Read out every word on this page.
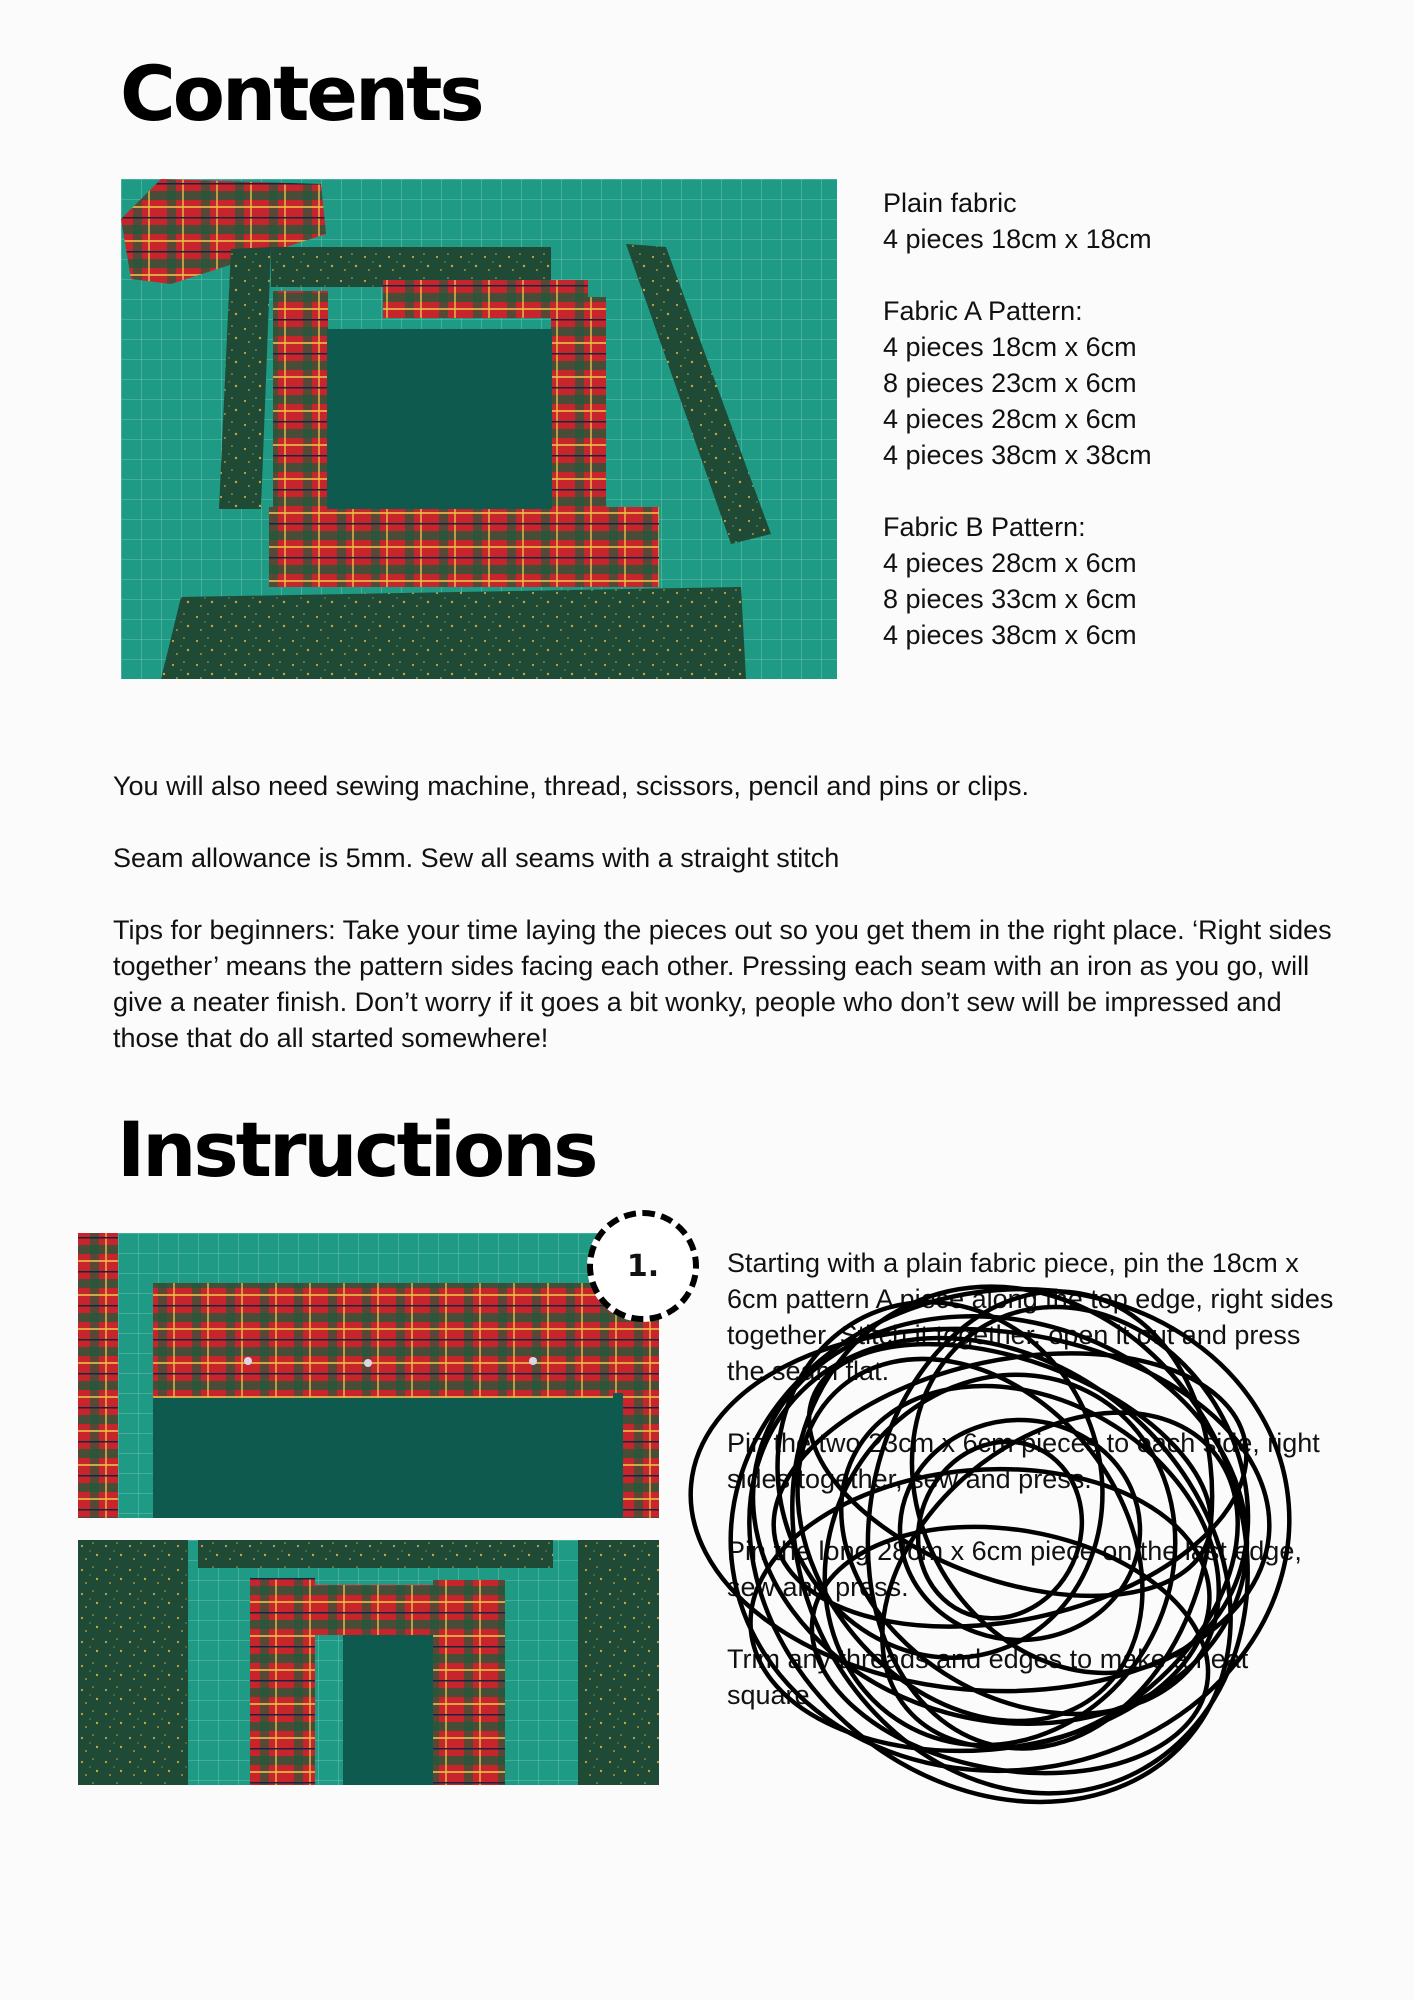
Contents

Plain fabric

4 pieces 18cm x 18cm

Fabric A Pattern:

4 pieces 18cm x 6cm

8 pieces 23cm x 6cm

4 pieces 28cm x 6cm

4 pieces 38cm x 38cm

Fabric B Pattern:

4 pieces 28cm x 6cm

8 pieces 33cm x 6cm

4 pieces 38cm x 6cm

You will also need sewing machine, thread, scissors, pencil and pins or clips.

Seam allowance is 5mm. Sew all seams with a straight stitch

Tips for beginners: Take your time laying the pieces out so you get them in the right place. ‘Right sides together’ means the pattern sides facing each other. Pressing each seam with an iron as you go, will give a neater finish. Don’t worry if it goes a bit wonky, people who don’t sew will be impressed and those that do all started somewhere!

Instructions
1.	Starting with a plain fabric piece, pin the 18cm x 6cm pattern A piece along the top edge, right sides together. Stitch it together, open it out and press the seam flat.

Pin the two 23cm x 6cm pieces to each side, right sides together, sew and press.

Pin the long 28cm x 6cm piece on the last edge, sew and press.

Trim any threads and edges to make a neat square
